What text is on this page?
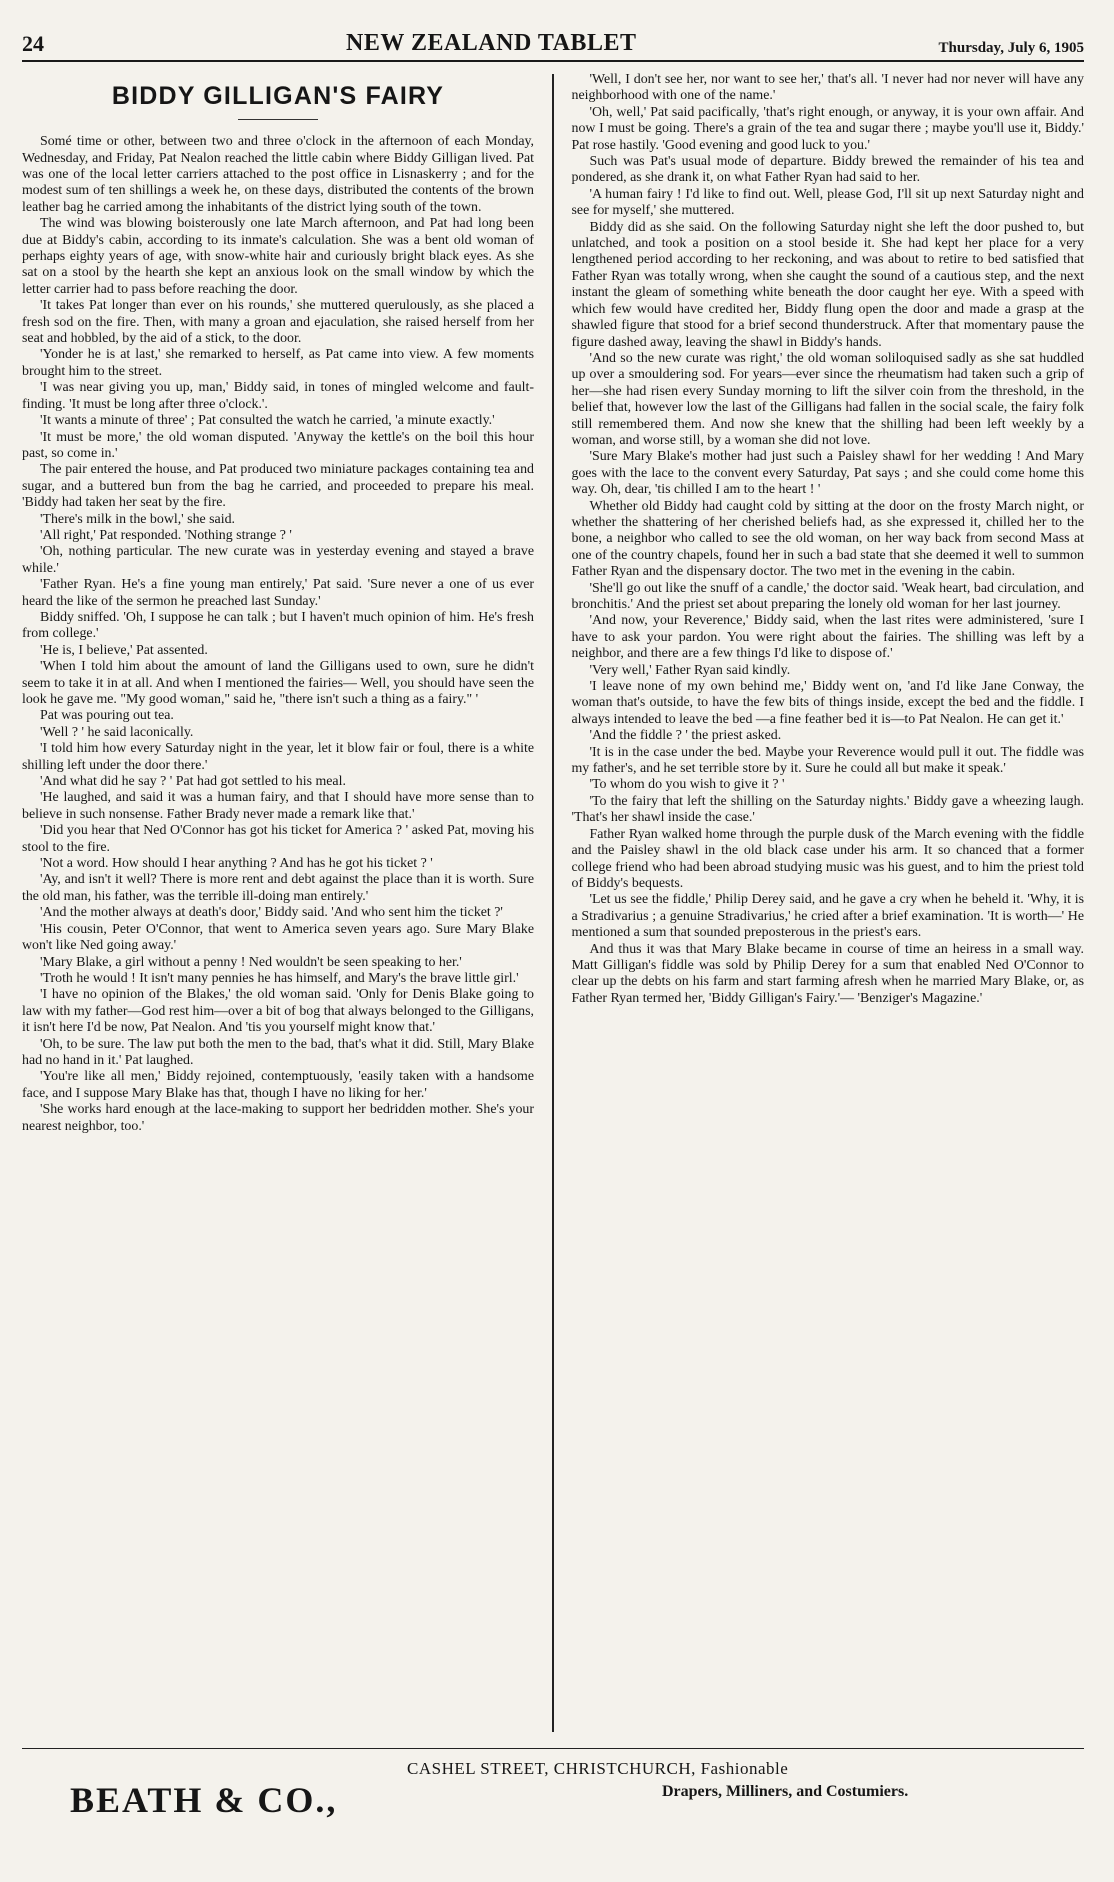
24	NEW ZEALAND TABLET	Thursday, July 6, 1905
BIDDY GILLIGAN'S FAIRY

Somé time or other, between two and three o'clock in the afternoon of each Monday, Wednesday, and Friday, Pat Nealon reached the little cabin where Biddy Gilligan lived. Pat was one of the local letter carriers attached to the post office in Lisnaskerry ; and for the modest sum of ten shillings a week he, on these days, distributed the contents of the brown leather bag he carried among the inhabitants of the district lying south of the town.

The wind was blowing boisterously one late March afternoon, and Pat had long been due at Biddy's cabin, according to its inmate's calculation. She was a bent old woman of perhaps eighty years of age, with snow-white hair and curiously bright black eyes. As she sat on a stool by the hearth she kept an anxious look on the small window by which the letter carrier had to pass before reaching the door.

'It takes Pat longer than ever on his rounds,' she muttered querulously, as she placed a fresh sod on the fire. Then, with many a groan and ejaculation, she raised herself from her seat and hobbled, by the aid of a stick, to the door.

'Yonder he is at last,' she remarked to herself, as Pat came into view. A few moments brought him to the street.

'I was near giving you up, man,' Biddy said, in tones of mingled welcome and fault-finding. 'It must be long after three o'clock.'.

'It wants a minute of three' ; Pat consulted the watch he carried, 'a minute exactly.'

'It must be more,' the old woman disputed. 'Anyway the kettle's on the boil this hour past, so come in.'

The pair entered the house, and Pat produced two miniature packages containing tea and sugar, and a buttered bun from the bag he carried, and proceeded to prepare his meal. 'Biddy had taken her seat by the fire.

'There's milk in the bowl,' she said.

'All right,' Pat responded. 'Nothing strange ? '

'Oh, nothing particular. The new curate was in yesterday evening and stayed a brave while.'

'Father Ryan. He's a fine young man entirely,' Pat said. 'Sure never a one of us ever heard the like of the sermon he preached last Sunday.'

Biddy sniffed. 'Oh, I suppose he can talk ; but I haven't much opinion of him. He's fresh from college.'

'He is, I believe,' Pat assented.

'When I told him about the amount of land the Gilligans used to own, sure he didn't seem to take it in at all. And when I mentioned the fairies— Well, you should have seen the look he gave me. "My good woman," said he, "there isn't such a thing as a fairy." '

Pat was pouring out tea.

'Well ? ' he said laconically.

'I told him how every Saturday night in the year, let it blow fair or foul, there is a white shilling left under the door there.'

'And what did he say ? ' Pat had got settled to his meal.

'He laughed, and said it was a human fairy, and that I should have more sense than to believe in such nonsense. Father Brady never made a remark like that.'

'Did you hear that Ned O'Connor has got his ticket for America ? ' asked Pat, moving his stool to the fire.

'Not a word. How should I hear anything ? And has he got his ticket ? '

'Ay, and isn't it well? There is more rent and debt against the place than it is worth. Sure the old man, his father, was the terrible ill-doing man entirely.'

'And the mother always at death's door,' Biddy said. 'And who sent him the ticket ?'

'His cousin, Peter O'Connor, that went to America seven years ago. Sure Mary Blake won't like Ned going away.'

'Mary Blake, a girl without a penny ! Ned wouldn't be seen speaking to her.'

'Troth he would ! It isn't many pennies he has himself, and Mary's the brave little girl.'

'I have no opinion of the Blakes,' the old woman said. 'Only for Denis Blake going to law with my father—God rest him—over a bit of bog that always belonged to the Gilligans, it isn't here I'd be now, Pat Nealon. And 'tis you yourself might know that.'

'Oh, to be sure. The law put both the men to the bad, that's what it did. Still, Mary Blake had no hand in it.' Pat laughed.

'You're like all men,' Biddy rejoined, contemptuously, 'easily taken with a handsome face, and I suppose Mary Blake has that, though I have no liking for her.'

'She works hard enough at the lace-making to support her bedridden mother. She's your nearest neighbor, too.'

'Well, I don't see her, nor want to see her,' that's all. 'I never had nor never will have any neighborhood with one of the name.'

'Oh, well,' Pat said pacifically, 'that's right enough, or anyway, it is your own affair. And now I must be going. There's a grain of the tea and sugar there ; maybe you'll use it, Biddy.' Pat rose hastily. 'Good evening and good luck to you.'

Such was Pat's usual mode of departure. Biddy brewed the remainder of his tea and pondered, as she drank it, on what Father Ryan had said to her.

'A human fairy ! I'd like to find out. Well, please God, I'll sit up next Saturday night and see for myself,' she muttered.

Biddy did as she said. On the following Saturday night she left the door pushed to, but unlatched, and took a position on a stool beside it. She had kept her place for a very lengthened period according to her reckoning, and was about to retire to bed satisfied that Father Ryan was totally wrong, when she caught the sound of a cautious step, and the next instant the gleam of something white beneath the door caught her eye. With a speed with which few would have credited her, Biddy flung open the door and made a grasp at the shawled figure that stood for a brief second thunderstruck. After that momentary pause the figure dashed away, leaving the shawl in Biddy's hands.

'And so the new curate was right,' the old woman soliloquised sadly as she sat huddled up over a smouldering sod. For years—ever since the rheumatism had taken such a grip of her—she had risen every Sunday morning to lift the silver coin from the threshold, in the belief that, however low the last of the Gilligans had fallen in the social scale, the fairy folk still remembered them. And now she knew that the shilling had been left weekly by a woman, and worse still, by a woman she did not love.

'Sure Mary Blake's mother had just such a Paisley shawl for her wedding ! And Mary goes with the lace to the convent every Saturday, Pat says ; and she could come home this way. Oh, dear, 'tis chilled I am to the heart ! '

Whether old Biddy had caught cold by sitting at the door on the frosty March night, or whether the shattering of her cherished beliefs had, as she expressed it, chilled her to the bone, a neighbor who called to see the old woman, on her way back from second Mass at one of the country chapels, found her in such a bad state that she deemed it well to summon Father Ryan and the dispensary doctor. The two met in the evening in the cabin.

'She'll go out like the snuff of a candle,' the doctor said. 'Weak heart, bad circulation, and bronchitis.' And the priest set about preparing the lonely old woman for her last journey.

'And now, your Reverence,' Biddy said, when the last rites were administered, 'sure I have to ask your pardon. You were right about the fairies. The shilling was left by a neighbor, and there are a few things I'd like to dispose of.'

'Very well,' Father Ryan said kindly.

'I leave none of my own behind me,' Biddy went on, 'and I'd like Jane Conway, the woman that's outside, to have the few bits of things inside, except the bed and the fiddle. I always intended to leave the bed —a fine feather bed it is—to Pat Nealon. He can get it.'

'And the fiddle ? ' the priest asked.

'It is in the case under the bed. Maybe your Reverence would pull it out. The fiddle was my father's, and he set terrible store by it. Sure he could all but make it speak.'

'To whom do you wish to give it ? '

'To the fairy that left the shilling on the Saturday nights.' Biddy gave a wheezing laugh. 'That's her shawl inside the case.'

Father Ryan walked home through the purple dusk of the March evening with the fiddle and the Paisley shawl in the old black case under his arm. It so chanced that a former college friend who had been abroad studying music was his guest, and to him the priest told of Biddy's bequests.

'Let us see the fiddle,' Philip Derey said, and he gave a cry when he beheld it. 'Why, it is a Stradivarius ; a genuine Stradivarius,' he cried after a brief examination. 'It is worth—' He mentioned a sum that sounded preposterous in the priest's ears.

And thus it was that Mary Blake became in course of time an heiress in a small way. Matt Gilligan's fiddle was sold by Philip Derey for a sum that enabled Ned O'Connor to clear up the debts on his farm and start farming afresh when he married Mary Blake, or, as Father Ryan termed her, 'Biddy Gilligan's Fairy.'— 'Benziger's Magazine.'

BEATH & CO.,
CASHEL STREET, CHRISTCHURCH, Fashionable
Drapers, Milliners, and Costumiers.
